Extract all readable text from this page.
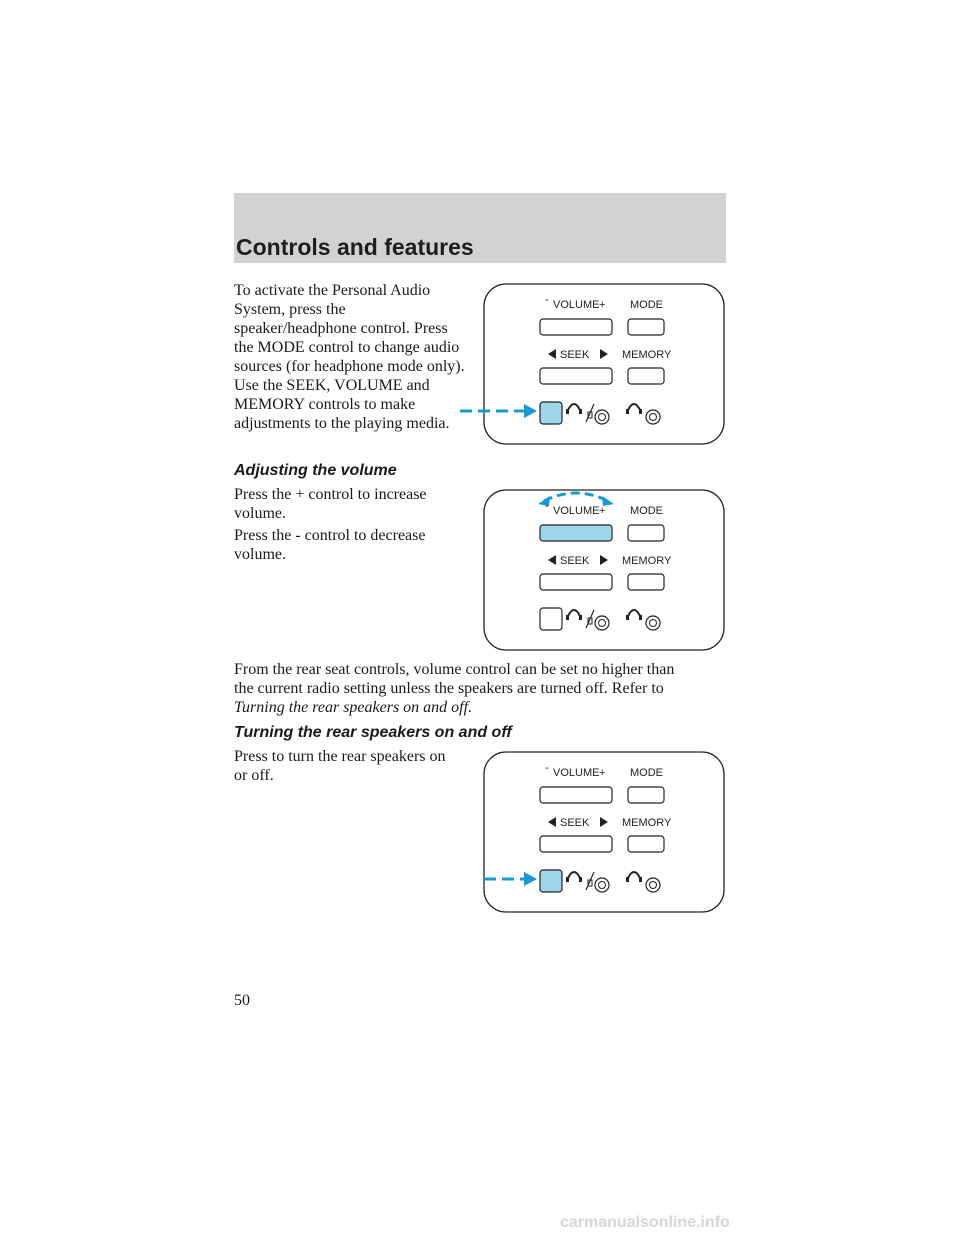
Controls and features
To activate the Personal Audio
System, press the
speaker/headphone control. Press
the MODE control to change audio
sources (for headphone mode only).
Use the SEEK, VOLUME and
MEMORY controls to make
adjustments to the playing media.
- VOLUME + MODE
SEEK	MEMORY
Adjusting the volume
Press the + control to increase
volume.
Press the - control to decrease
volume.
- VOLUME + MODE
SEEK	MEMORY
From the rear seat controls, volume control can be set no higher than
the current radio setting unless the speakers are turned off. Refer to
Turning the rear speakers on and off.
Turning the rear speakers on and off
Press to turn the rear speakers on
or off.	- VOLUME + MODE
SEEK	MEMORY
50
carmanualsonline.info
